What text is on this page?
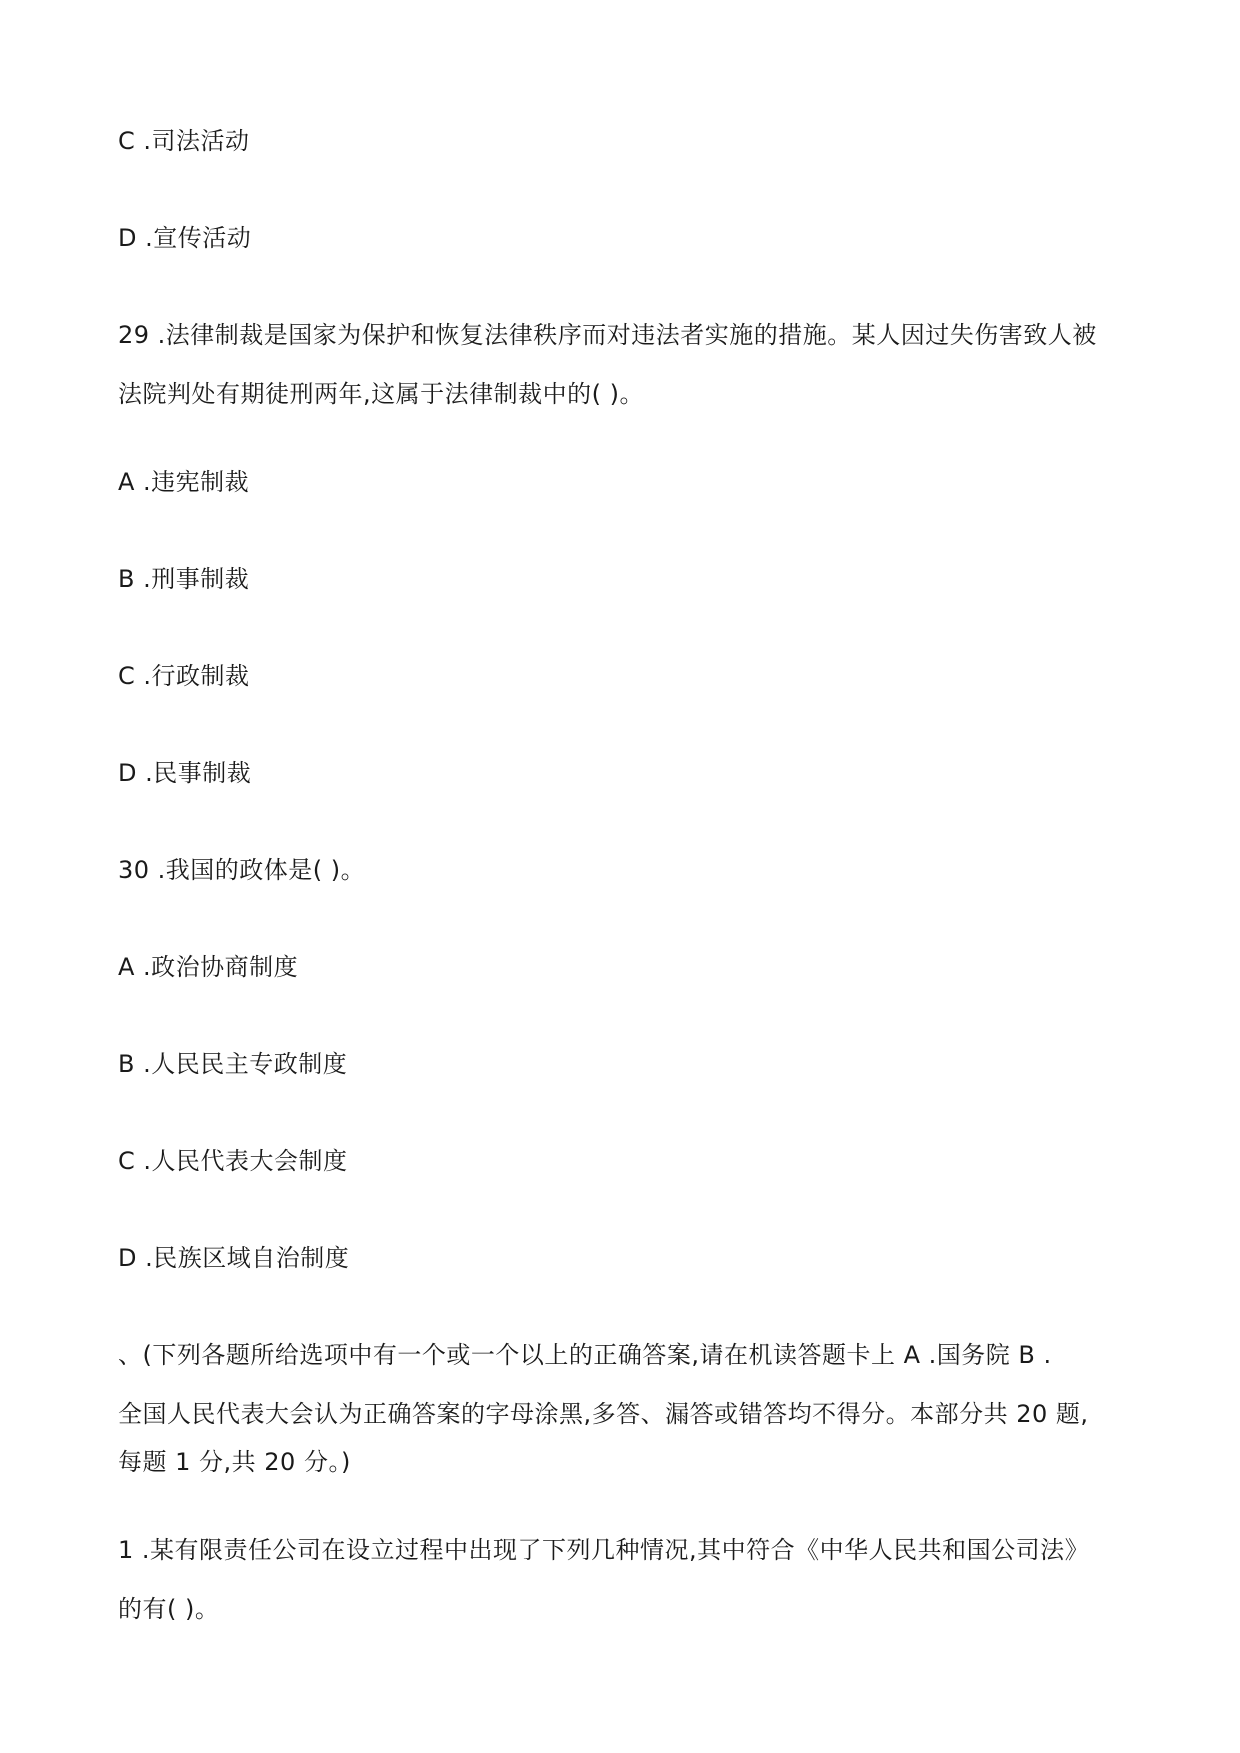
C .司法活动
D .宣传活动
29 .法律制裁是国家为保护和恢复法律秩序而对违法者实施的措施。某人因过失伤害致人被
法院判处有期徒刑两年,这属于法律制裁中的( )。
A .违宪制裁
B .刑事制裁
C .行政制裁
D .民事制裁
30 .我国的政体是( )。
A .政治协商制度
B .人民民主专政制度
C .人民代表大会制度
D .民族区域自治制度
、(下列各题所给选项中有一个或一个以上的正确答案,请在机读答题卡上 A .国务院 B .
全国人民代表大会认为正确答案的字母涂黑,多答、漏答或错答均不得分。本部分共 20 题,
每题 1 分,共 20 分。)
1 .某有限责任公司在设立过程中出现了下列几种情况,其中符合《中华人民共和国公司法》
的有( )。
